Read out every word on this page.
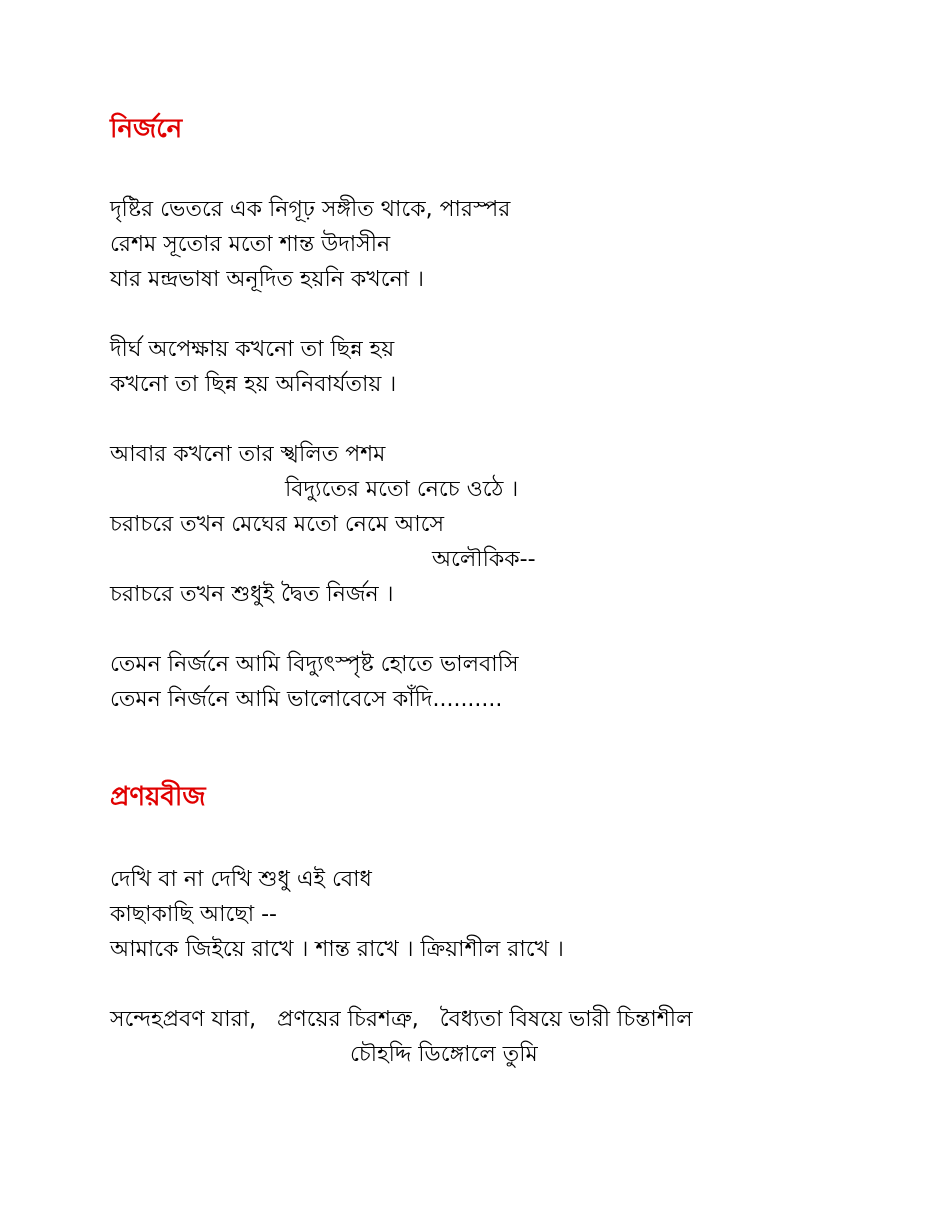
নির্জনে
দৃষ্টির ভেতরে এক নিগূঢ় সঙ্গীত থাকে, পারস্পর
রেশম সূতোর মতো শান্ত উদাসীন
যার মন্দ্রভাষা অনূদিত হয়নি কখনো ।
দীর্ঘ অপেক্ষায় কখনো তা ছিন্ন হয়
কখনো তা ছিন্ন হয় অনিবার্যতায় ।
আবার কখনো তার স্খলিত পশম
বিদ্যুতের মতো নেচে ওঠে ।
চরাচরে তখন মেঘের মতো নেমে আসে
অলৌকিক--
চরাচরে তখন শুধুই দ্বৈত নির্জন ।
তেমন নির্জনে আমি বিদ্যুৎস্পৃষ্ট হোতে ভালবাসি
তেমন নির্জনে আমি ভালোবেসে কাঁদি..........
প্রণয়বীজ
দেখি বা না দেখি শুধু এই বোধ
কাছাকাছি আছো --
আমাকে জিইয়ে রাখে । শান্ত রাখে । ক্রিয়াশীল রাখে ।
সন্দেহপ্রবণ যারা,   প্রণয়ের চিরশত্রু,   বৈধ্যতা বিষয়ে ভারী চিন্তাশীল
চৌহদ্দি ডিঙ্গোলে তুমি
